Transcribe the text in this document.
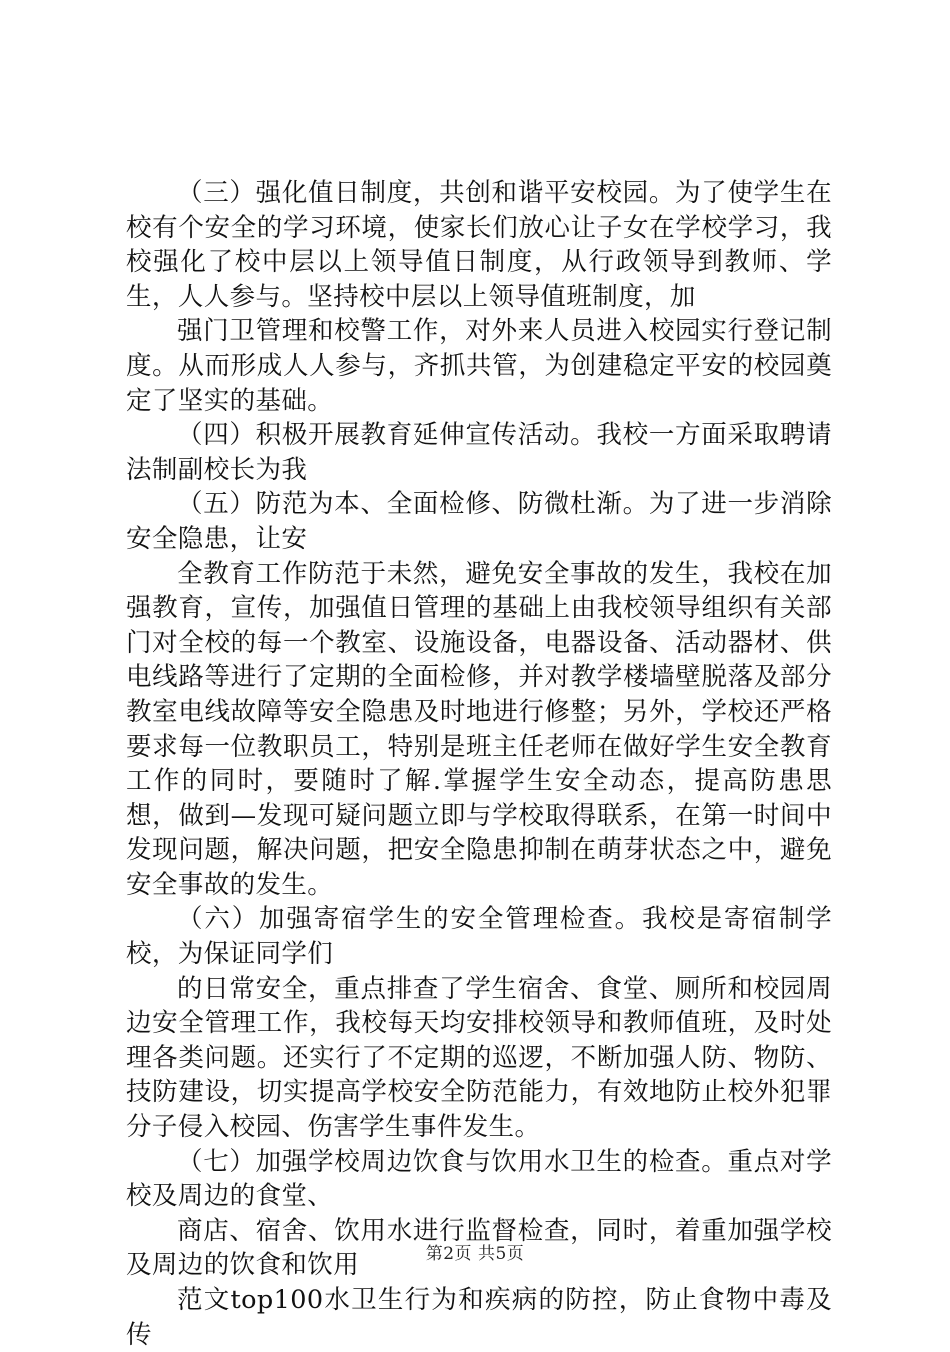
（三）强化值日制度，共创和谐平安校园。为了使学生在校有个安全的学习环境，使家长们放心让子女在学校学习，我校强化了校中层以上领导值日制度，从行政领导到教师、学生，人人参与。坚持校中层以上领导值班制度，加

强门卫管理和校警工作，对外来人员进入校园实行登记制度。从而形成人人参与，齐抓共管，为创建稳定平安的校园奠定了坚实的基础。

（四）积极开展教育延伸宣传活动。我校一方面采取聘请法制副校长为我

（五）防范为本、全面检修、防微杜渐。为了进一步消除安全隐患，让安

全教育工作防范于未然，避免安全事故的发生，我校在加强教育，宣传，加强值日管理的基础上由我校领导组织有关部门对全校的每一个教室、设施设备，电器设备、活动器材、供电线路等进行了定期的全面检修，并对教学楼墙壁脱落及部分教室电线故障等安全隐患及时地进行修整；另外，学校还严格要求每一位教职员工，特别是班主任老师在做好学生安全教育工作的同时，要随时了解.掌握学生安全动态，提高防患思想，做到—发现可疑问题立即与学校取得联系，在第一时间中发现问题，解决问题，把安全隐患抑制在萌芽状态之中，避免安全事故的发生。

（六）加强寄宿学生的安全管理检查。我校是寄宿制学校，为保证同学们

的日常安全，重点排查了学生宿舍、食堂、厕所和校园周边安全管理工作，我校每天均安排校领导和教师值班，及时处理各类问题。还实行了不定期的巡逻，不断加强人防、物防、技防建设，切实提高学校安全防范能力，有效地防止校外犯罪分子侵入校园、伤害学生事件发生。

（七）加强学校周边饮食与饮用水卫生的检查。重点对学校及周边的食堂、

商店、宿舍、饮用水进行监督检查，同时，着重加强学校及周边的饮食和饮用

范文top100水卫生行为和疾病的防控，防止食物中毒及传

第2页 共5页
